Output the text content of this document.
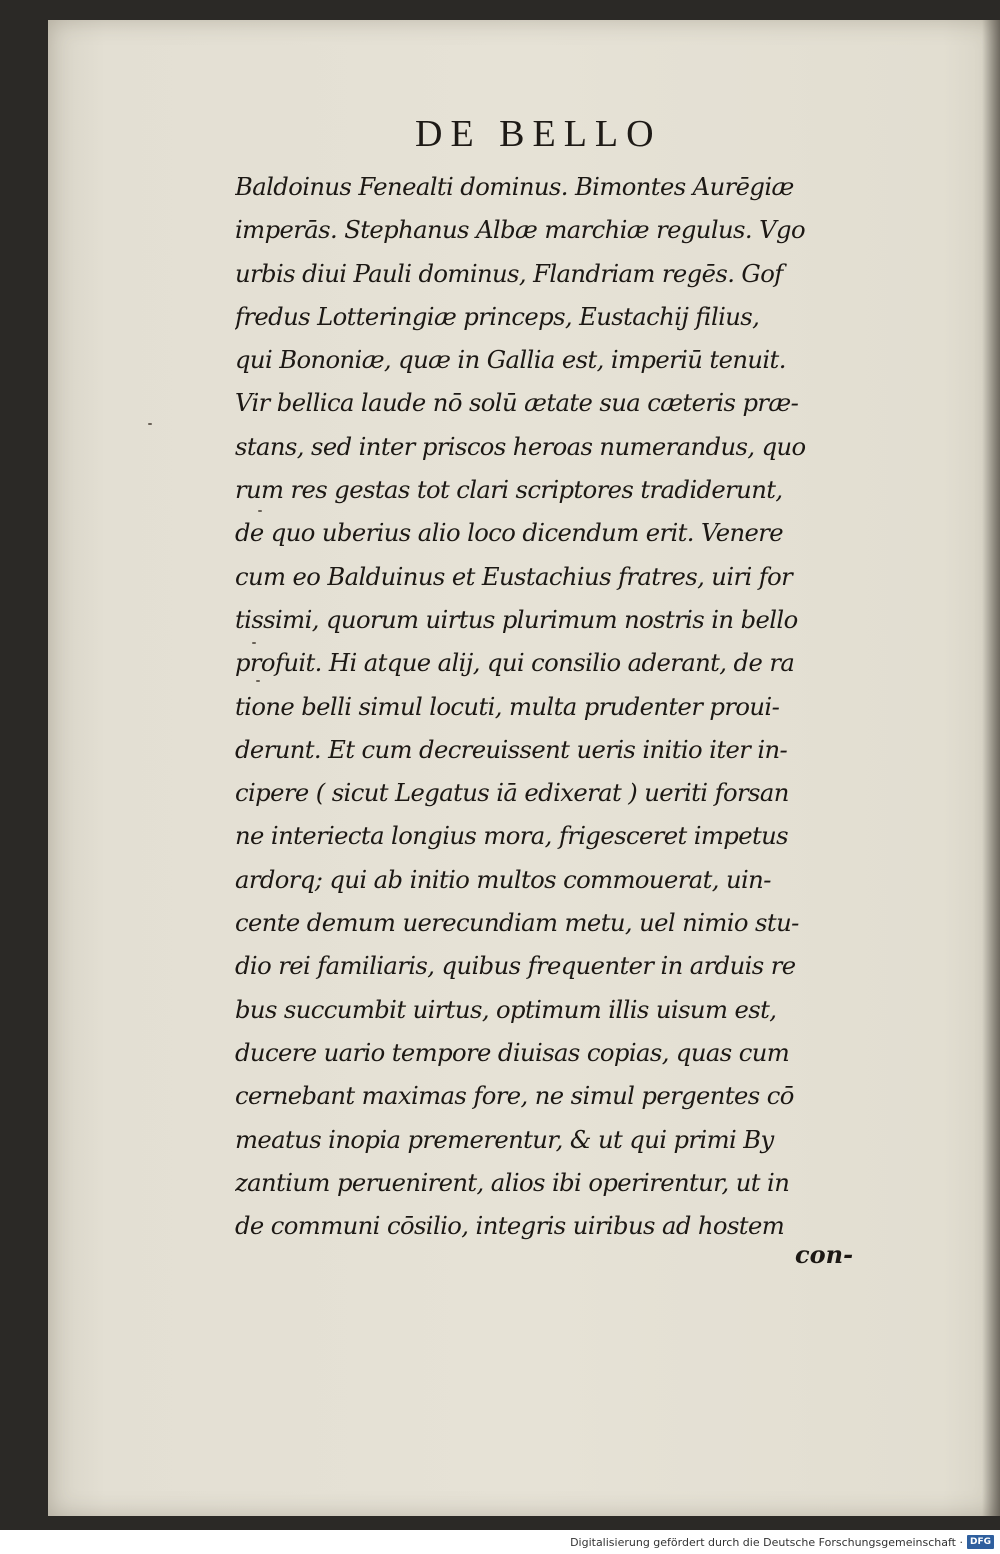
DE BELLO
Baldoinus Fenealti dominus. Bimontes Aurēgiæ
imperās. Stephanus Albæ marchiæ regulus. Vgo
urbis diui Pauli dominus, Flandriam regēs. Gof
fredus Lotteringiæ princeps, Eustachij filius,
qui Bononiæ, quæ in Gallia est, imperiū tenuit.
Vir bellica laude nō solū ætate sua cæteris præ-
stans, sed inter priscos heroas numerandus, quo
rum res gestas tot clari scriptores tradiderunt,
de quo uberius alio loco dicendum erit. Venere
cum eo Balduinus et Eustachius fratres, uiri for
tissimi, quorum uirtus plurimum nostris in bello
profuit. Hi atque alij, qui consilio aderant, de ra
tione belli simul locuti, multa prudenter proui-
derunt. Et cum decreuissent ueris initio iter in-
cipere ( sicut Legatus iā edixerat ) ueriti forsan
ne interiecta longius mora, frigesceret impetus
ardorq; qui ab initio multos commouerat, uin-
cente demum uerecundiam metu, uel nimio stu-
dio rei familiaris, quibus frequenter in arduis re
bus succumbit uirtus, optimum illis uisum est,
ducere uario tempore diuisas copias, quas cum
cernebant maximas fore, ne simul pergentes cō
meatus inopia premerentur, & ut qui primi By
zantium peruenirent, alios ibi operirentur, ut in
de communi cōsilio, integris uiribus ad hostem
con-
Digitalisierung gefördert durch die Deutsche Forschungsgemeinschaft · DFG
